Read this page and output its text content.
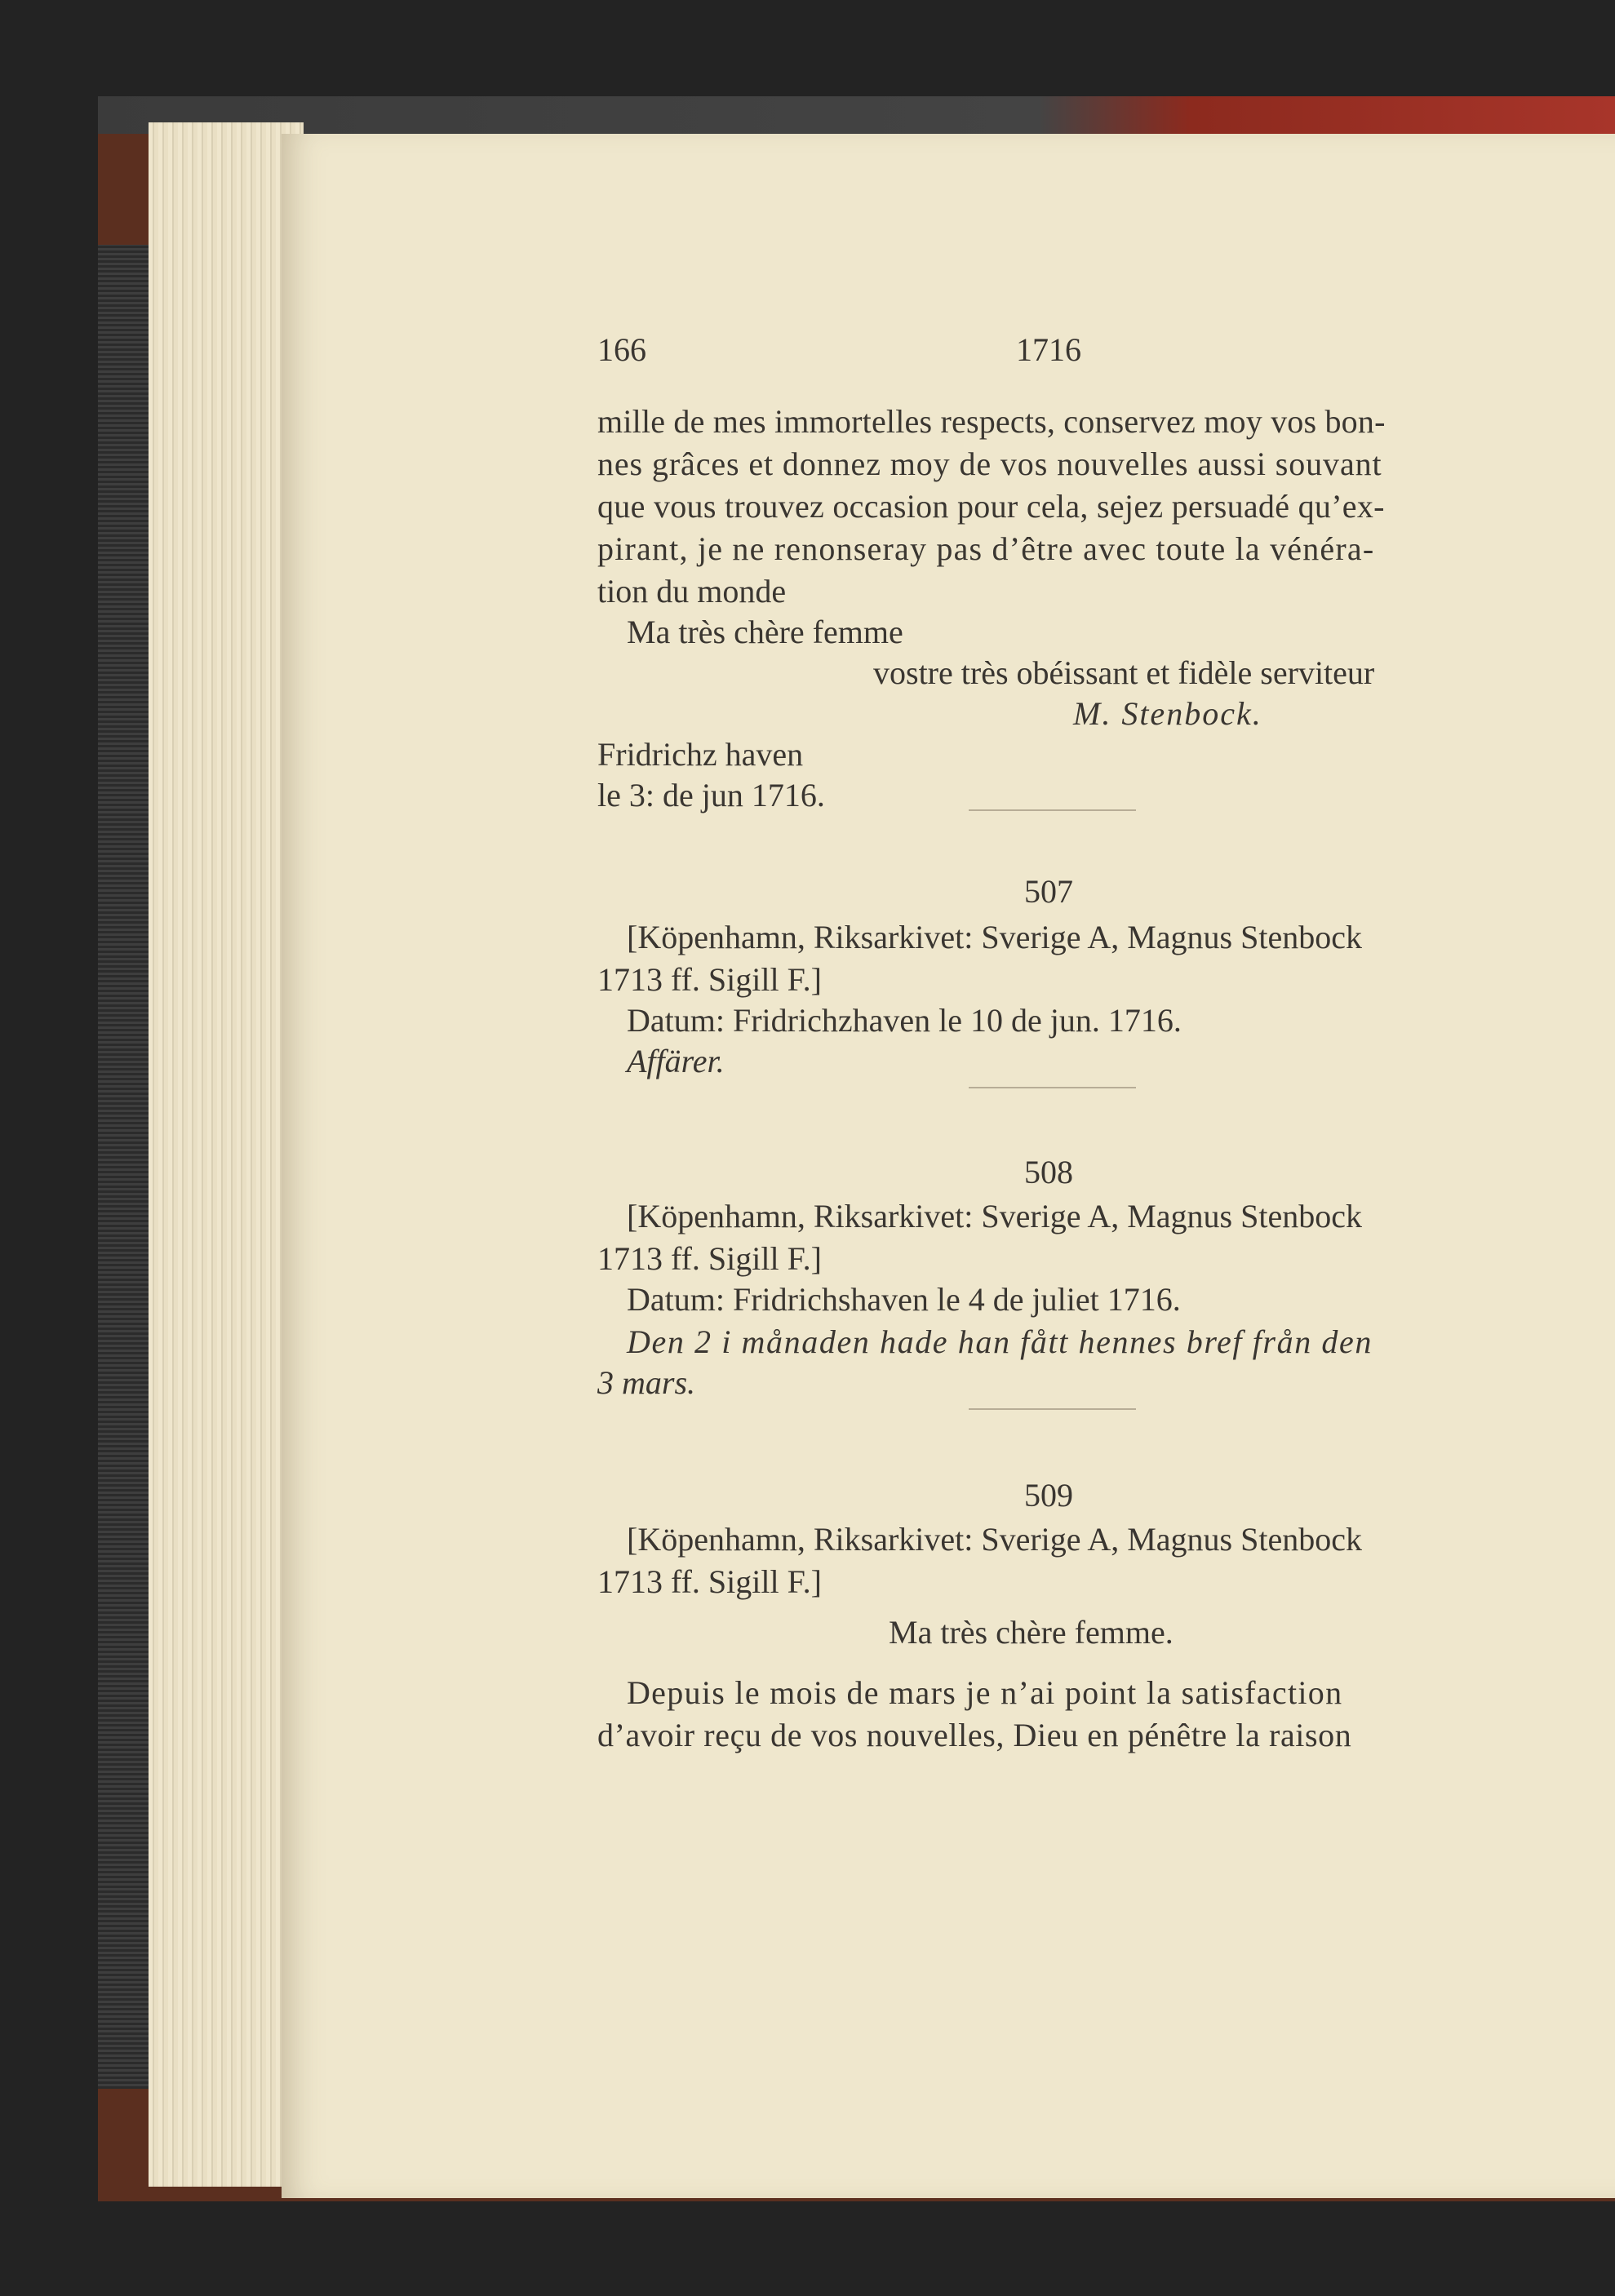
166	1716
mille de mes immortelles respects, conservez moy vos bon-
nes grâces et donnez moy de vos nouvelles aussi souvant
que vous trouvez occasion pour cela, sejez persuadé qu’ex-
pirant, je ne renonseray pas d’être avec toute la vénéra-
tion du monde
Ma très chère femme
vostre très obéissant et fidèle serviteur
M. Stenbock.
Fridrichz haven
le 3: de jun 1716.
507
[Köpenhamn, Riksarkivet: Sverige A, Magnus Stenbock
1713 ff. Sigill F.]
Datum: Fridrichzhaven le 10 de jun. 1716.
Affärer.
508
[Köpenhamn, Riksarkivet: Sverige A, Magnus Stenbock
1713 ff. Sigill F.]
Datum: Fridrichshaven le 4 de juliet 1716.
Den 2 i månaden hade han fått hennes bref från den
3 mars.
509
[Köpenhamn, Riksarkivet: Sverige A, Magnus Stenbock
1713 ff. Sigill F.]
Ma très chère femme.
Depuis le mois de mars je n’ai point la satisfaction
d’avoir reçu de vos nouvelles, Dieu en pénêtre la raison
